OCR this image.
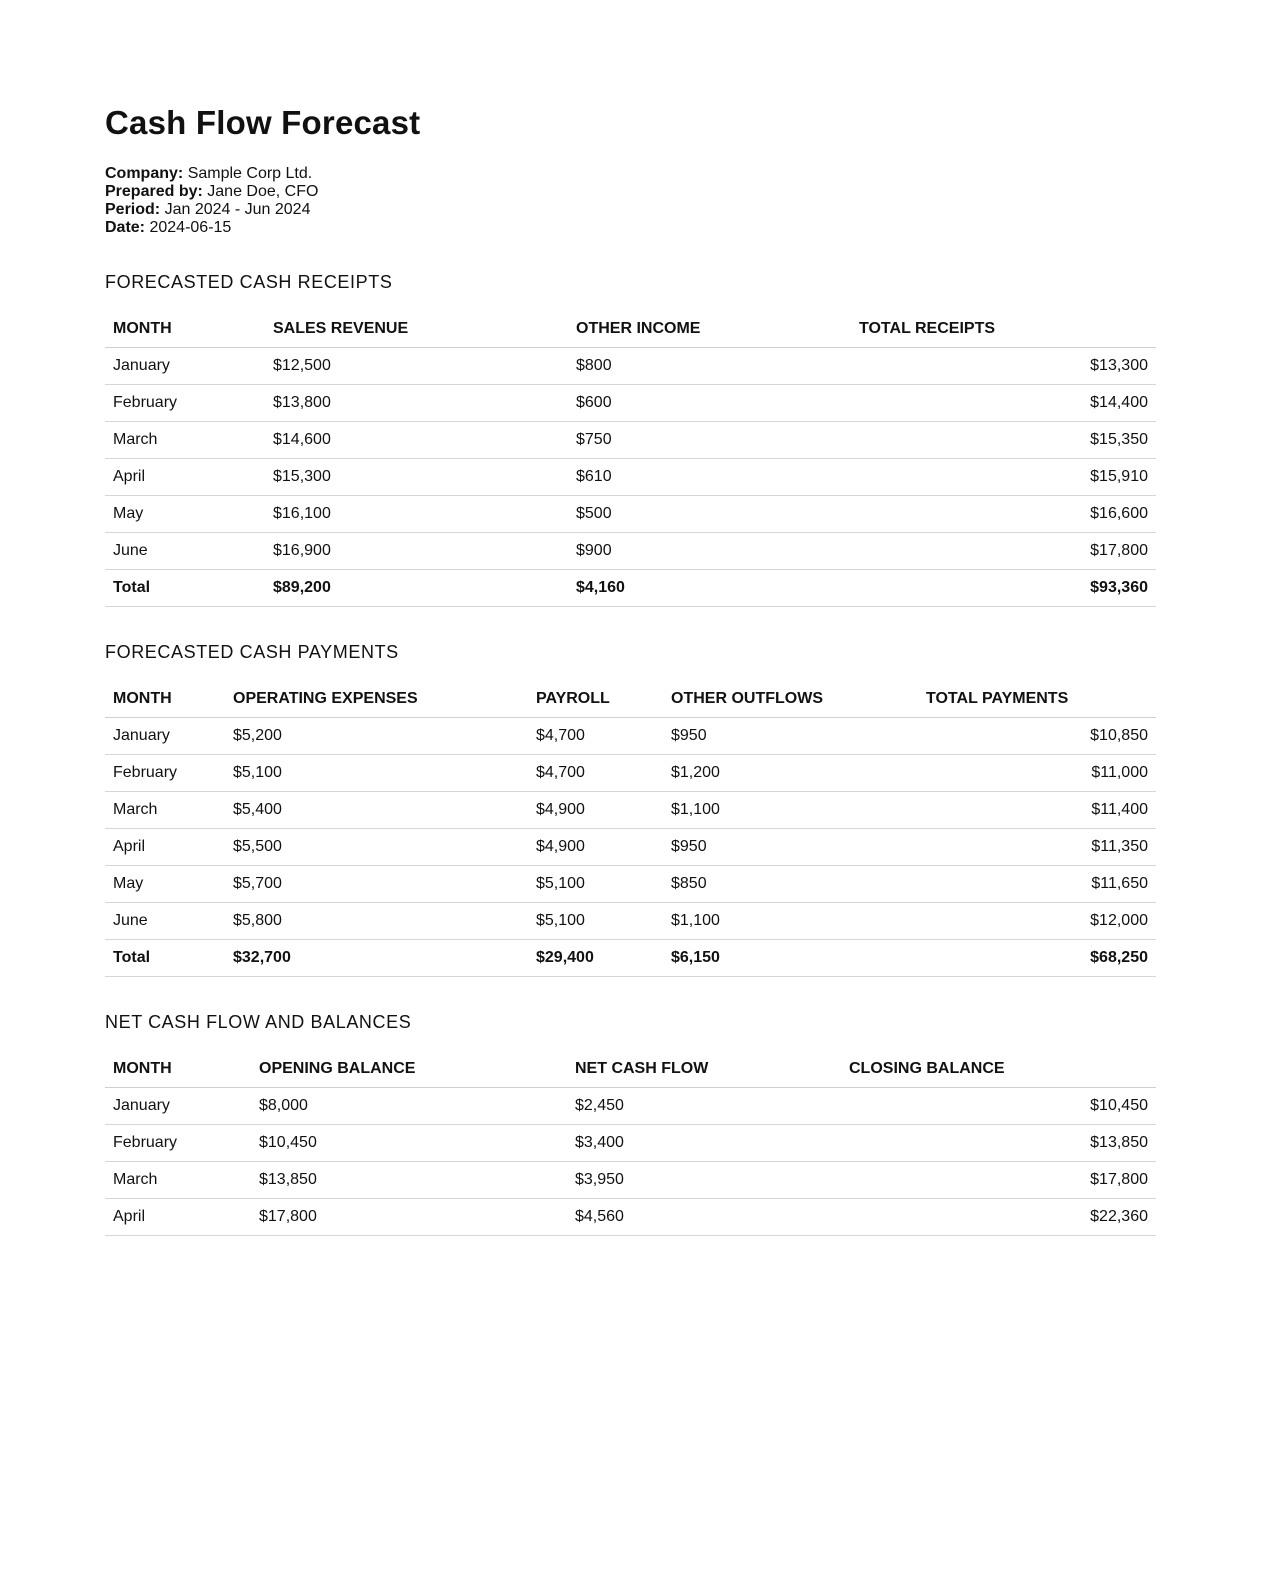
Cash Flow Forecast
Company: Sample Corp Ltd.
Prepared by: Jane Doe, CFO
Period: Jan 2024 - Jun 2024
Date: 2024-06-15
FORECASTED CASH RECEIPTS
MONTH	SALES REVENUE	OTHER INCOME	TOTAL RECEIPTS
January	$12,500	$800	$13,300
February	$13,800	$600	$14,400
March	$14,600	$750	$15,350
April	$15,300	$610	$15,910
May	$16,100	$500	$16,600
June	$16,900	$900	$17,800
Total	$89,200	$4,160	$93,360
FORECASTED CASH PAYMENTS
MONTH	OPERATING EXPENSES	PAYROLL	OTHER OUTFLOWS	TOTAL PAYMENTS
January	$5,200	$4,700	$950	$10,850
February	$5,100	$4,700	$1,200	$11,000
March	$5,400	$4,900	$1,100	$11,400
April	$5,500	$4,900	$950	$11,350
May	$5,700	$5,100	$850	$11,650
June	$5,800	$5,100	$1,100	$12,000
Total	$32,700	$29,400	$6,150	$68,250
NET CASH FLOW AND BALANCES
MONTH	OPENING BALANCE	NET CASH FLOW	CLOSING BALANCE
January	$8,000	$2,450	$10,450
February	$10,450	$3,400	$13,850
March	$13,850	$3,950	$17,800
April	$17,800	$4,560	$22,360
